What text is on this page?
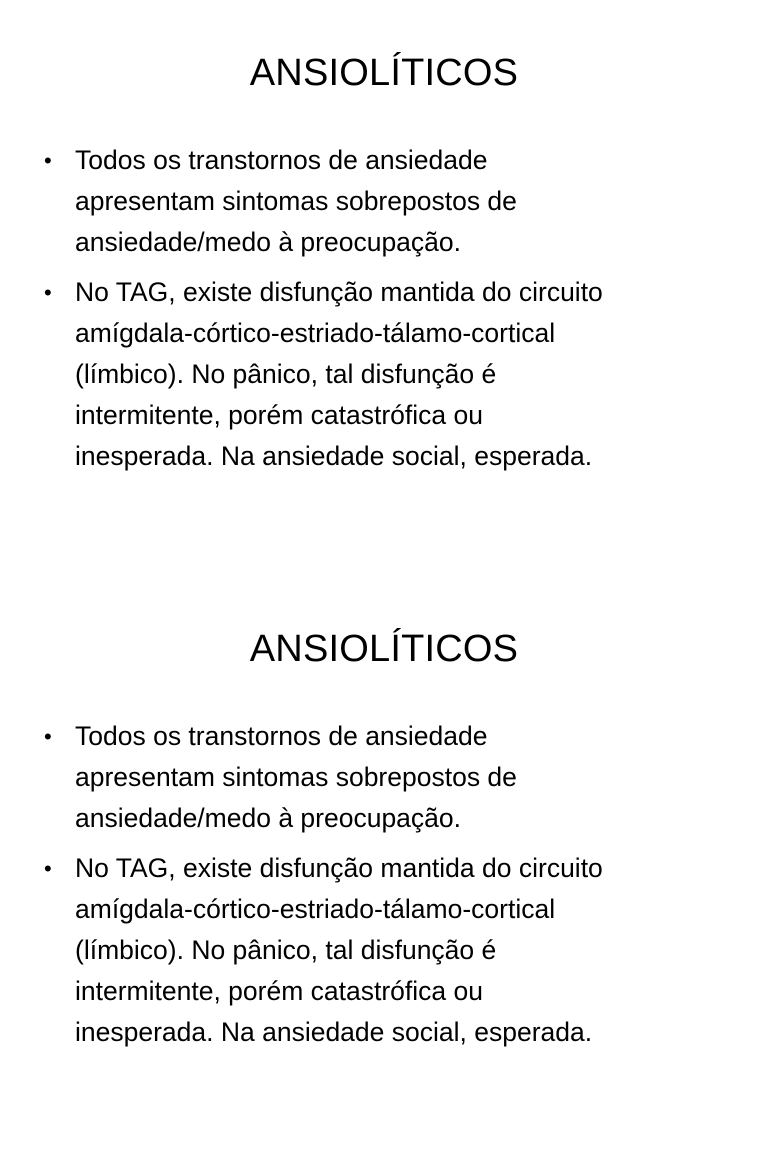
ANSIOLÍTICOS
• Todos os transtornos de ansiedade
apresentam sintomas sobrepostos de
ansiedade/medo à preocupação.
• No TAG, existe disfunção mantida do circuito
amígdala-córtico-estriado-tálamo-cortical
(límbico). No pânico, tal disfunção é
intermitente, porém catastrófica ou
inesperada. Na ansiedade social, esperada.
ANSIOLÍTICOS
• Todos os transtornos de ansiedade
apresentam sintomas sobrepostos de
ansiedade/medo à preocupação.
• No TAG, existe disfunção mantida do circuito
amígdala-córtico-estriado-tálamo-cortical
(límbico). No pânico, tal disfunção é
intermitente, porém catastrófica ou
inesperada. Na ansiedade social, esperada.
